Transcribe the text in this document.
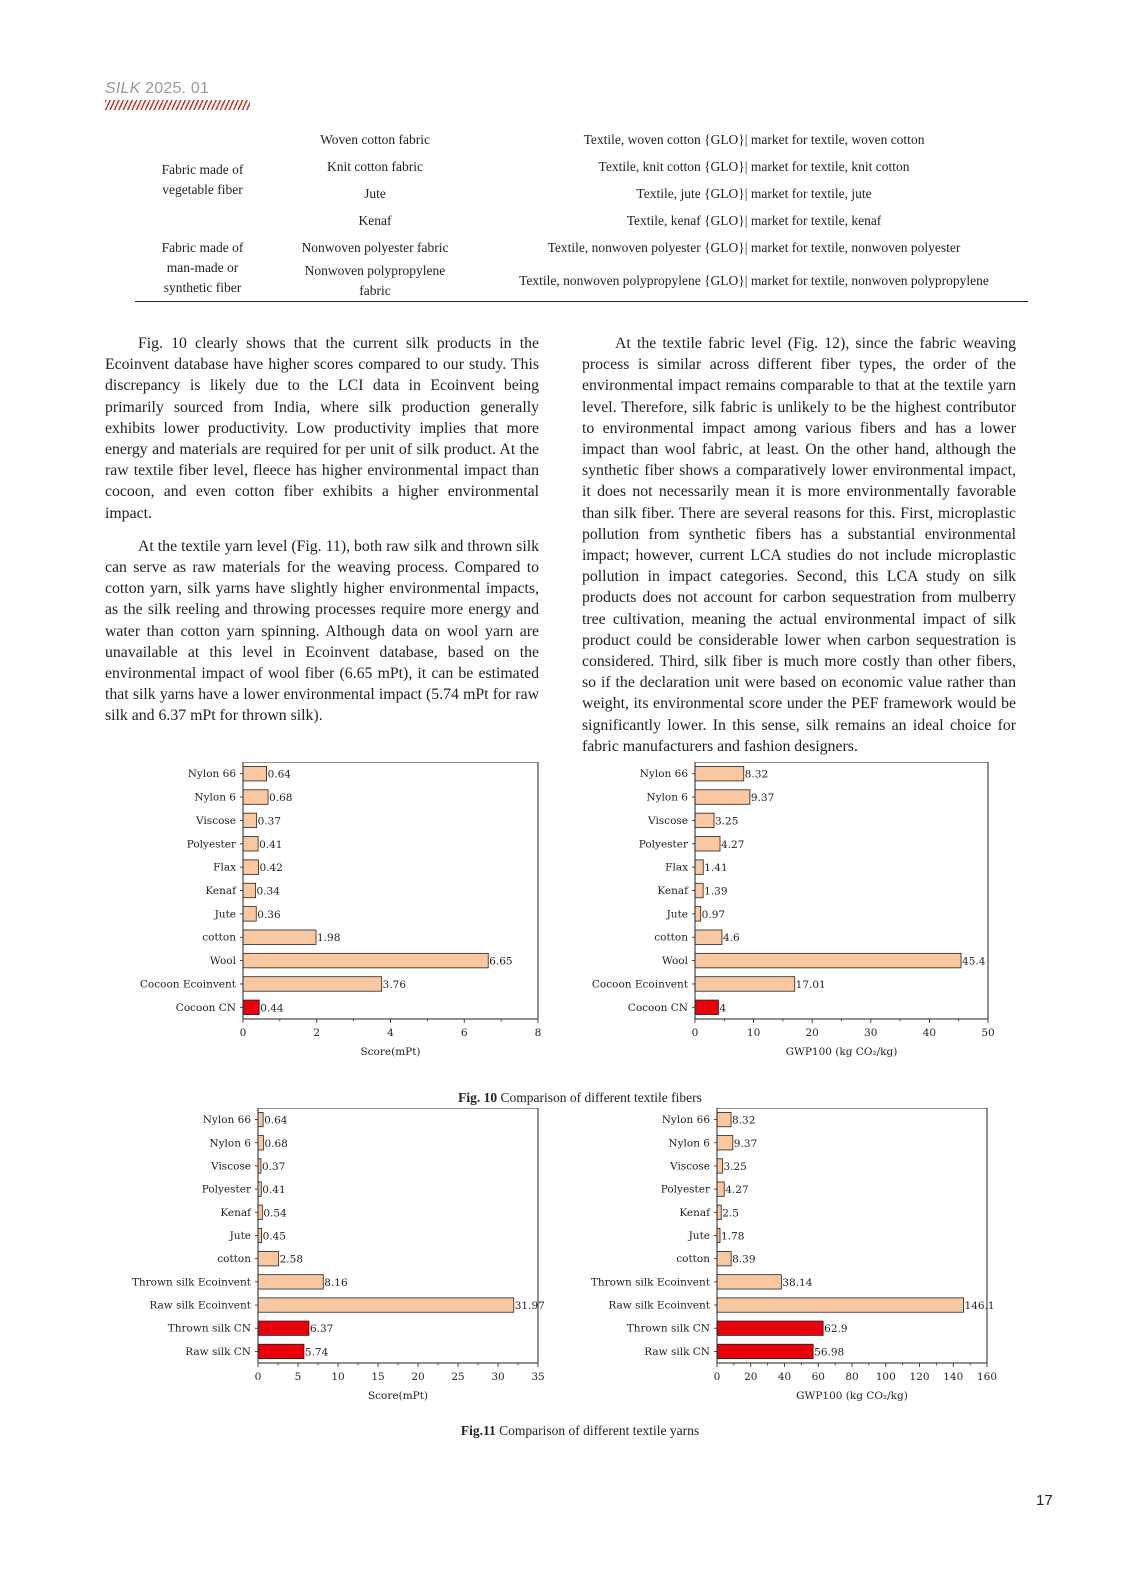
SILK 2025. 01
Fabric made of vegetable fiber	Woven cotton fabric	Textile, woven cotton {GLO}| market for textile, woven cotton
	Knit cotton fabric	Textile, knit cotton {GLO}| market for textile, knit cotton
	Jute	Textile, jute {GLO}| market for textile, jute
	Kenaf	Textile, kenaf {GLO}| market for textile, kenaf
Fabric made of man-made or synthetic fiber	Nonwoven polyester fabric	Textile, nonwoven polyester {GLO}| market for textile, nonwoven polyester
	Nonwoven polypropylene fabric	Textile, nonwoven polypropylene {GLO}| market for textile, nonwoven polypropylene

Fig. 10 clearly shows that the current silk products in the Ecoinvent database have higher scores compared to our study. This discrepancy is likely due to the LCI data in Ecoinvent being primarily sourced from India, where silk production generally exhibits lower productivity. Low productivity implies that more energy and materials are required for per unit of silk product. At the raw textile fiber level, fleece has higher environmental impact than cocoon, and even cotton fiber exhibits a higher environmental impact.

At the textile yarn level (Fig. 11), both raw silk and thrown silk can serve as raw materials for the weaving process. Compared to cotton yarn, silk yarns have slightly higher environmental impacts, as the silk reeling and throwing processes require more energy and water than cotton yarn spinning. Although data on wool yarn are unavailable at this level in Ecoinvent database, based on the environmental impact of wool fiber (6.65 mPt), it can be estimated that silk yarns have a lower environmental impact (5.74 mPt for raw silk and 6.37 mPt for thrown silk).

At the textile fabric level (Fig. 12), since the fabric weaving process is similar across different fiber types, the order of the environmental impact remains comparable to that at the textile yarn level. Therefore, silk fabric is unlikely to be the highest contributor to environmental impact among various fibers and has a lower impact than wool fabric, at least. On the other hand, although the synthetic fiber shows a comparatively lower environmental impact, it does not necessarily mean it is more environmentally favorable than silk fiber. There are several reasons for this. First, microplastic pollution from synthetic fibers has a substantial environmental impact; however, current LCA studies do not include microplastic pollution in impact categories. Second, this LCA study on silk products does not account for carbon sequestration from mulberry tree cultivation, meaning the actual environmental impact of silk product could be considerable lower when carbon sequestration is considered. Third, silk fiber is much more costly than other fibers, so if the declaration unit were based on economic value rather than weight, its environmental score under the PEF framework would be significantly lower. In this sense, silk remains an ideal choice for fabric manufacturers and fashion designers.

Nylon 66	0.64
Nylon 6	0.68
Viscose 0.37
Polyester 0.41
Flax 0.42
Kenaf 0.34
Jute 0.36
cotton	1.98
Wool	6.65
Cocoon Ecoinvent	3.76
Cocoon CN 0.44
0	2	4	6	8
Score(mPt)
Nylon 66	8.32
Nylon 6	9.37
Viscose	3.25
Polyester	4.27
Flax 1.41
Kenaf 1.39
Jute 0.97
cotton	4.6
Wool	45.4
Cocoon Ecoinvent	17.01
Cocoon CN	4
0	10	20	30	40	50
GWP100 (kg CO₂/kg)
Fig. 10 Comparison of different textile fibers
Nylon 66 0.64
Nylon 6 0.68
Viscose 0.37
Polyester 0.41
Kenaf 0.54
Jute 0.45
cotton	2.58
Thrown silk Ecoinvent	8.16
Raw silk Ecoinvent	31.97
Thrown silk CN	6.37
Raw silk CN	5.74
0	5	10	15	20	25	30	35
Score(mPt)
Nylon 66 8.32
Nylon 6 9.37
Viscose 3.25
Polyester 4.27
Kenaf 2.5
Jute 1.78
cotton 8.39
Thrown silk Ecoinvent	38.14
Raw silk Ecoinvent	146.1
Thrown silk CN	62.9
Raw silk CN	56.98
0 20 40 60 80 100 120 140 160
GWP100 (kg CO₂/kg)
Fig.11 Comparison of different textile yarns
17
